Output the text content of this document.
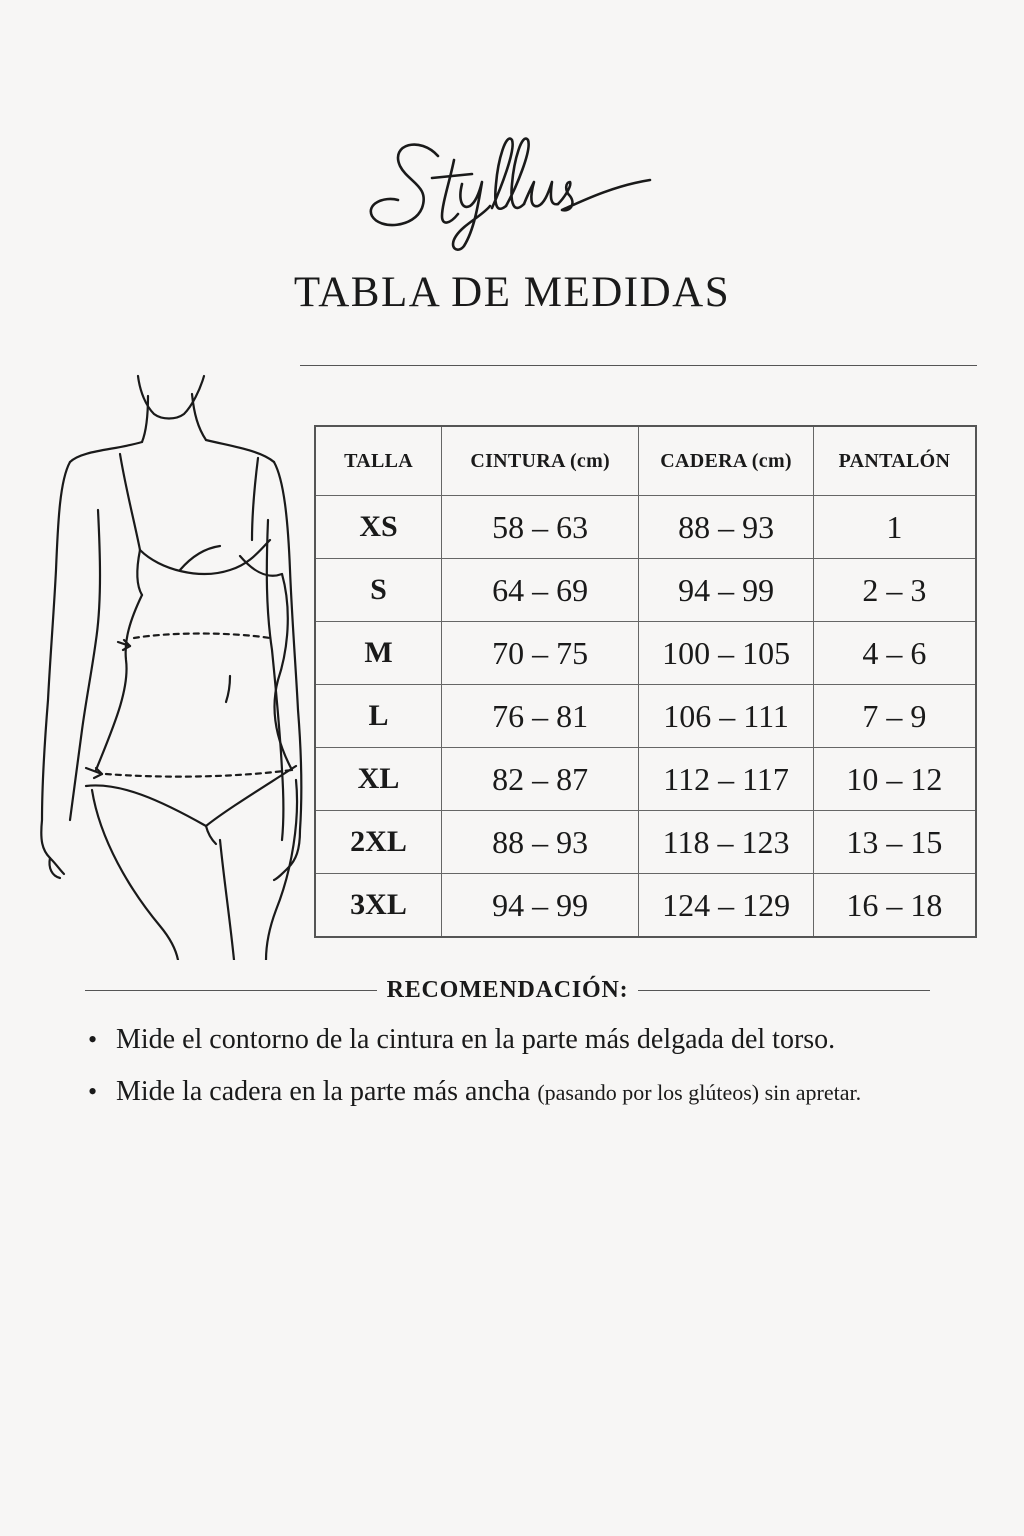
TABLA DE MEDIDAS
TALLA	CINTURA (cm)	CADERA (cm)	PANTALÓN
XS	58 – 63	88 – 93	1
S	64 – 69	94 – 99	2 – 3
M	70 – 75	100 – 105	4 – 6
L	76 – 81	106 – 111	7 – 9
XL	82 – 87	112 – 117	10 – 12
2XL	88 – 93	118 – 123	13 – 15
3XL	94 – 99	124 – 129	16 – 18
RECOMENDACIÓN:
• Mide el contorno de la cintura en la parte más delgada del torso.
• Mide la cadera en la parte más ancha (pasando por los glúteos) sin apretar.
